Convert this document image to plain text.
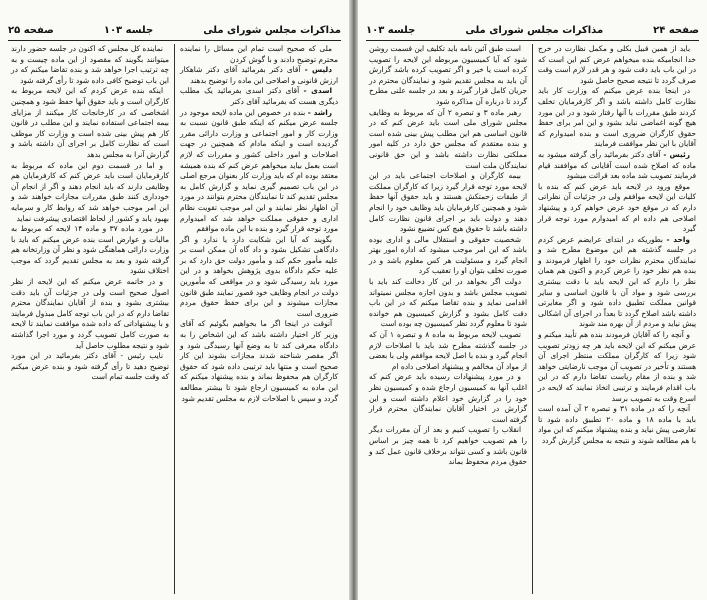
مذاکرات مجلس شورای ملی
جلسه ۱۰۳
صفحه ۲۵

ملی که صحیح است تمام این مسائل را نماینده محترم توضیح دادند و با گوش کردن

دلیس - آقای دکتر بفرمائید آقای دکتر شاهکار ارزش قانونی و اصلاحی این ماده را توضیح بدهند

اسدی - آقای دکتر اسدی بفرمائید یک مطلب دیگری هست که بفرمائید آقای دکتر

راشد - بنده در خصوص این ماده لایحه موجود در جلسه عرض میکنم که اینکه طبق قانون نسبت به وزارت کار و امور اجتماعی و وزارت دارائی مقرر گردیده است و اینکه مادام که همچنین در جهت اصلاحات و امور داخلی کشور و مقررات که لازم است بعمل بیاید میخواهم عرض کنم که بنده همیشه معتقد بوده ام که باید وزارت کار بعنوان مرجع اصلی در این باب تصمیم گیری نماید و گزارش کامل به مجلس تقدیم کند تا نمایندگان محترم بتوانند در مورد آن اظهار نظر نمایند و این امر موجب تقویت نظام اداری و حقوقی مملکت خواهد شد که امیدوارم مورد توجه قرار گیرد و بنده با این ماده موافقم

بگویند که آیا این شکایت دارد یا ندارد و اگر دادگاهی تشکیل بشود و داد گاه آن ممکن است بر علیه مأمور حکم کند و مأمور دولت حق دارد که بر علیه حکم دادگاه بدوی پژوهش بخواهد و در این مورد باید رسیدگی شود و در مواقعی که مأمورین دولت در انجام وظایف خود قصور نمایند طبق قانون مجازات میشوند و این برای حفظ حقوق مردم ضروری است

آنوقت در اینجا اگر ما بخواهیم بگوئیم که آقای وزیر کار اختیار داشته باشد که این اشخاص را به دادگاه معرفی کند تا به وضع آنها رسیدگی شود و اگر مقصر شناخته شدند مجازات بشوند این کار صحیح است و منتها باید ترتیبی داده شود که حقوق کارگران هم محفوظ بماند و بنده پیشنهاد میکنم که این ماده به کمیسیون ارجاع شود تا بیشتر مطالعه گردد و سپس با اصلاحات لازم به مجلس تقدیم شود

نماینده کل مجلس که اکنون در جلسه حضور دارند میتوانند بگویند که مقصود از این ماده چیست و به چه ترتیب اجرا خواهد شد و بنده تقاضا میکنم که در این باب توضیح کافی داده شود تا رأی گرفته شود

اینکه بنده عرض کردم که این لایحه مربوط به کارگران است و باید حقوق آنها حفظ شود و همچنین اشخاصی که در کارخانجات کار میکنند از مزایای بیمه اجتماعی استفاده نمایند و این مطلب در قانون کار هم پیش بینی شده است و وزارت کار موظف است که نظارت کامل بر اجرای آن داشته باشد و گزارش آنرا به مجلس بدهد

و اما در قسمت دوم این ماده که مربوط به کارفرمایان است باید عرض کنم که کارفرمایان هم وظایفی دارند که باید انجام دهند و اگر از انجام آن خودداری کنند طبق مقررات مجازات خواهند شد و این امر موجب خواهد شد که روابط کار و سرمایه بهبود یابد و کشور از لحاظ اقتصادی پیشرفت نماید

در مورد ماده ۳۷ و ماده ۱۴ لایحه که مربوط به مالیات و عوارض است بنده عرض میکنم که باید با وزارت دارائی هماهنگی شود و نظر آن وزارتخانه هم گرفته شود و بعد به مجلس تقدیم گردد که موجب اختلاف نشود

و در خاتمه عرض میکنم که این لایحه از نظر اصول صحیح است ولی در جزئیات آن باید دقت بیشتری بشود و بنده از آقایان نمایندگان محترم تقاضا دارم که در این باب توجه کامل مبذول فرمایند و با پیشنهاداتی که داده شده موافقت نمایند تا لایحه به صورت کامل تصویب گردد و مورد اجرا گذاشته شود و نتیجه مطلوب حاصل آید

نایب رئیس - آقای دکتر بفرمائید در این مورد توضیح دهید تا رأی گرفته شود و بنده عرض میکنم که وقت جلسه تمام است

صفحه ۲۴
مذاکرات مجلس شورای ملی
جلسه ۱۰۳

باید از همین قبیل بکلی و مکمل نظارت در خرج خدا انجامیکه بنده میخواهم عرض کنم این است که در این باب باید دقت شود و هر قدر لازم است وقت صرف گردد تا نتیجه صحیح حاصل شود

در اینجا بنده عرض میکنم که وزارت کار باید نظارت کامل داشته باشد و اگر کارفرمایان تخلف کردند طبق مقررات با آنها رفتار شود و در این مورد هیچ گونه اغماضی نباید بشود و این امر برای حفظ حقوق کارگران ضروری است و بنده امیدوارم که آقایان با این نظر موافقت فرمایند

رئیس - آقای دکتر بفرمائید رأی گرفته میشود به ماده که اصلاح شده است آقایانی که موافقند قیام فرمایند تصویب شد ماده بعد قرائت میشود

موقع ورود در لایحه باید عرض کنم که بنده با کلیات این لایحه موافقم ولی در جزئیات آن نظراتی دارم که در موقع خود عرض خواهم کرد و پیشنهاد اصلاحی هم داده ام که امیدوارم مورد توجه قرار گیرد

واحد - بطوریکه در ابتدای عرایضم عرض کردم در جلسه گذشته هم این موضوع مطرح شد و نمایندگان محترم نظرات خود را اظهار فرمودند و بنده هم نظر خود را عرض کردم و اکنون هم همان نظر را دارم که این لایحه باید با دقت بیشتری بررسی شود و مواد آن با قانون اساسی و سایر قوانین مملکت تطبیق داده شود و اگر مغایرتی داشته باشد اصلاح گردد تا بعداً در اجرای آن اشکالی پیش نیاید و مردم از آن بهره مند شوند

و آنچه را که آقایان فرمودند بنده هم تأیید میکنم و عرض میکنم که این لایحه باید هر چه زودتر تصویب شود زیرا که کارگران مملکت منتظر اجرای آن هستند و تأخیر در تصویب آن موجب نارضایتی خواهد شد و بنده از مقام ریاست تقاضا دارم که در این باب اقدام فرمایند و ترتیبی اتخاذ نمایند که لایحه در اسرع وقت به تصویب برسد

آنچه را که در ماده ۳۱ و تبصره ۲ آن آمده است باید با ماده ۱۸ و ماده ۲۰ تطبیق داده شود تا تعارضی پیش نیاید و بنده پیشنهاد میکنم که این مواد با هم مطالعه شوند و نتیجه به مجلس گزارش گردد

است طبق آئین نامه باید تکلیف این قسمت روشن شود که آیا کمیسیون مربوطه این لایحه را تصویب کرده است یا خیر و اگر تصویب کرده باشد گزارش آن باید به مجلس تقدیم شود و نمایندگان محترم در جریان کامل قرار گیرند و بعد در جلسه علنی مطرح گردد تا درباره آن مذاکره شود

رهبر ماده ۳ و تبصره ۲ آن که مربوط به وظایف مجلس شورای ملی است باید عرض کنم که در قانون اساسی هم این مطلب پیش بینی شده است و بنده معتقدم که مجلس حق دارد در کلیه امور مملکتی نظارت داشته باشد و این حق قانونی نمایندگان ملت است

بیمه کارگران و اصلاحات اجتماعی باید در این لایحه مورد توجه قرار گیرد زیرا که کارگران مملکت از طبقات زحمتکش هستند و باید حقوق آنها حفظ شود و همچنین کارفرمایان باید وظایف خود را انجام دهند و دولت باید بر اجرای قانون نظارت کامل داشته باشد تا حقوق هیچ کس تضییع نشود

شخصیت حقوقی و استقلال مالی و اداری بوده باشد که این امر موجب میشود که اداره امور بهتر انجام گیرد و مسئولیت هر کس معلوم باشد و در صورت تخلف بتوان او را تعقیب کرد

دولت اگر بخواهد در این کار دخالت کند باید با تصویب مجلس باشد و بدون اجازه مجلس نمیتواند اقدامی نماید و بنده تقاضا میکنم که در این باب دقت کامل بشود و گزارش کمیسیون هم خوانده شود تا معلوم گردد نظر کمیسیون چه بوده است

تصویب لایحه مربوط به ماده ۸ و تبصره ۱ آن که در جلسه گذشته مطرح شد باید با اصلاحات لازم انجام گیرد و بنده با اصل لایحه موافقم ولی با بعضی از مواد آن مخالفم و پیشنهاد اصلاحی داده ام

و در مورد پیشنهادات رسیده باید عرض کنم که اغلب آنها به کمیسیون ارجاع شده و کمیسیون نظر خود را در گزارش خود اعلام داشته است و این گزارش در اختیار آقایان نمایندگان محترم قرار گرفته است

انقلاب را تصویب کنیم و بعد از آن مقررات دیگر را هم تصویب خواهیم کرد تا همه چیز بر اساس قانون باشد و کسی نتواند برخلاف قانون عمل کند و حقوق مردم محفوظ بماند
